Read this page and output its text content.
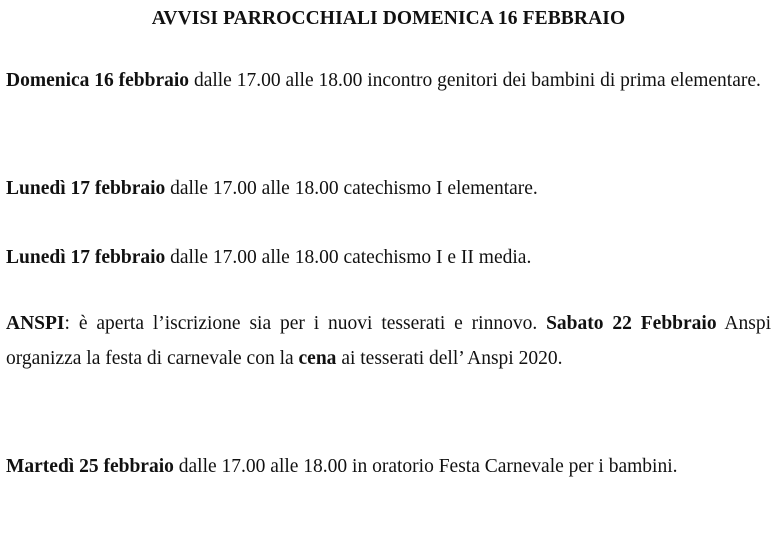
AVVISI PARROCCHIALI DOMENICA 16 FEBBRAIO

Domenica 16 febbraio dalle 17.00 alle 18.00 incontro genitori dei bambini di prima elementare.

Lunedì 17 febbraio dalle 17.00 alle 18.00 catechismo I elementare.

Lunedì 17 febbraio dalle 17.00 alle 18.00 catechismo I e II media.

ANSPI: è aperta l’iscrizione sia per i nuovi tesserati e rinnovo. Sabato 22 Febbraio Anspi organizza la festa di carnevale con la cena ai tesserati dell’ Anspi 2020.

Martedì 25 febbraio dalle 17.00 alle 18.00 in oratorio Festa Carnevale per i bambini.
